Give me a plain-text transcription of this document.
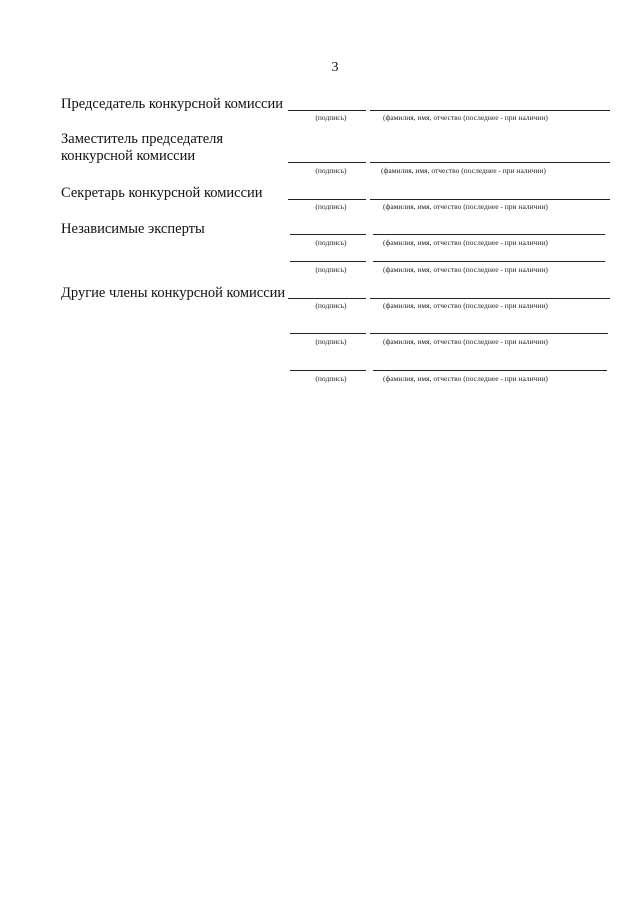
3
Председатель конкурсной комиссии
(подпись)	(фамилия, имя, отчество (последнее - при наличии)
Заместитель председателя
конкурсной комиссии
(подпись)	(фамилия, имя, отчество (последнее - при наличии)
Секретарь конкурсной комиссии
(подпись)	(фамилия, имя, отчество (последнее - при наличии)
Независимые эксперты
(подпись)	(фамилия, имя, отчество (последнее - при наличии)
(подпись)	(фамилия, имя, отчество (последнее - при наличии)
Другие члены конкурсной комиссии
(подпись)	(фамилия, имя, отчество (последнее - при наличии)
(подпись)	(фамилия, имя, отчество (последнее - при наличии)
(подпись)	(фамилия, имя, отчество (последнее - при наличии)
